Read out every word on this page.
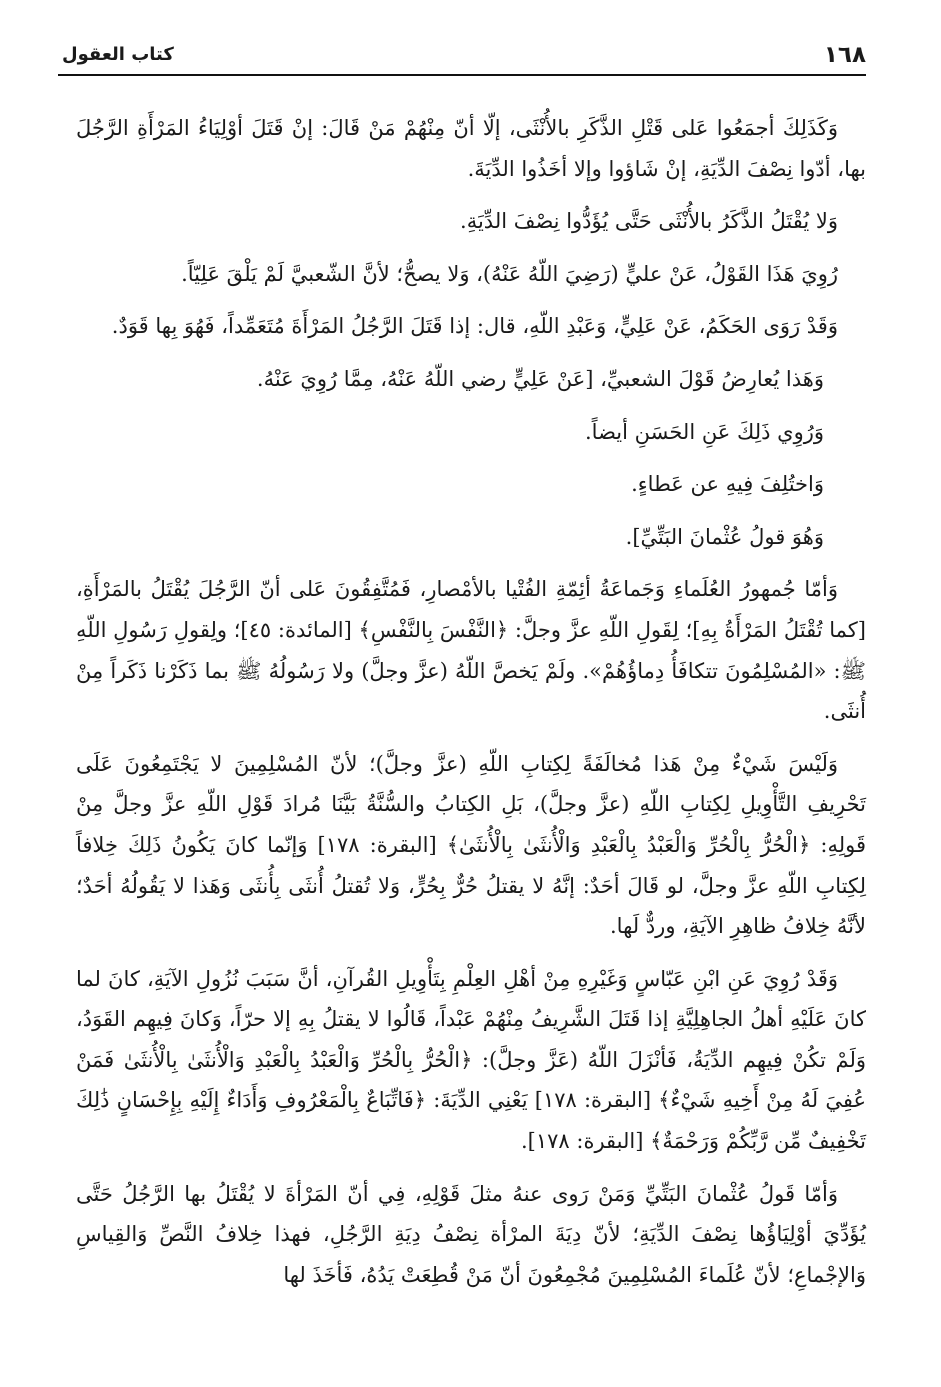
١٦٨
كتاب العقول

وَكَذَلِكَ أجمَعُوا عَلى قَتْلِ الذَّكَرِ بالأُنْثَى، إلّا أنّ مِنْهُمْ مَنْ قَالَ: إنْ قَتَلَ أوْلِيَاءُ المَرْأَةِ الرَّجُلَ بها، أدّوا نِصْفَ الدِّيَةِ، إنْ شَاؤوا وإلا أخَذُوا الدِّيَةَ.

وَلا يُقْتَلُ الذَّكَرُ بالأُنْثَى حَتَّى يُؤَدُّوا نِصْفَ الدِّيَةِ.

رُوِيَ هَذَا القَوْلُ، عَنْ عليٍّ (رَضِيَ اللّهُ عَنْهُ)، وَلا يصحُّ؛ لأنَّ الشّعبيَّ لَمْ يَلْقَ عَلِيّاً.

وَقَدْ رَوَى الحَكَمُ، عَنْ عَلِيٍّ، وَعَبْدِ اللّهِ، قال: إذا قَتَلَ الرَّجُلُ المَرْأَةَ مُتَعَمِّداً، فَهُوَ بِها قَوَدٌ.

وَهَذا يُعارِضُ قَوْلَ الشعبيِّ، [عَنْ عَلِيٍّ رضي اللّهُ عَنْهُ، مِمَّا رُوِيَ عَنْهُ.

وَرُوِي ذَلِكَ عَنِ الحَسَنِ أيضاً.

وَاختُلِفَ فِيهِ عن عَطاءٍ.

وَهُوَ قولُ عُثْمانَ البَتِّيِّ].

وَأمّا جُمهورُ العُلَماءِ وَجَماعَةُ أئِمّةِ الفُتْيا بالأمْصارِ، فَمُتَّفِقُونَ عَلى أنّ الرَّجُلَ يُقْتَلُ بالمَرْأَةِ، [كما تُقْتَلُ المَرْأَةُ بِهِ]؛ لِقَولِ اللّهِ عزَّ وجلَّ: ﴿النَّفْسَ بِالنَّفْسِ﴾ [المائدة: ٤٥]؛ ولِقولِ رَسُولِ اللّهِ ﷺ: «المُسْلِمُونَ تتكافَأُ دِماؤُهُمْ». ولَمْ يَخصَّ اللّهُ (عزَّ وجلَّ) ولا رَسُولُهُ ﷺ بما ذَكَرْنا ذَكَراً مِنْ أُنثَى.

وَلَيْسَ شَيْءٌ مِنْ هَذا مُخالَفَةً لِكِتابِ اللّهِ (عزَّ وجلَّ)؛ لأنّ المُسْلِمِينَ لا يَجْتَمِعُونَ عَلَى تَحْرِيفِ التَّأْوِيلِ لِكِتابِ اللّهِ (عزَّ وجلَّ)، بَلِ الكِتابُ والسُّنَّةُ بَيَّنَا مُرادَ قَوْلِ اللّهِ عزَّ وجلَّ مِنْ قَولِهِ: ﴿الْحُرُّ بِالْحُرِّ وَالْعَبْدُ بِالْعَبْدِ وَالْأُنثَىٰ بِالْأُنثَىٰ﴾ [البقرة: ١٧٨] وَإنّما كانَ يَكُونُ ذَلِكَ خِلافاً لِكِتابِ اللّهِ عزَّ وجلَّ، لو قَالَ أحَدٌ: إنَّهُ لا يقتلُ حُرٌّ بِحُرٍّ، وَلا تُقتلُ أُنثَى بِأُنثَى وَهَذا لا يَقُولُهُ أحَدٌ؛ لأنَّهُ خِلافُ ظاهِرِ الآيَةِ، وردٌّ لَها.

وَقَدْ رُوِيَ عَنِ ابْنِ عَبّاسٍ وَغَيْرِهِ مِنْ أهْلِ العِلْمِ بِتَأْوِيلِ القُرآنِ، أنَّ سَبَبَ نُزُولِ الآيَةِ، كانَ لما كانَ عَلَيْهِ أهلُ الجاهِلِيَّةِ إذا قَتَلَ الشَّرِيفُ مِنْهُمْ عَبْداً، قَالُوا لا يقتلُ بِهِ إلا حرّاً، وَكانَ فِيهِم القَوَدُ، وَلَمْ تكُنْ فِيهِم الدِّيَةُ، فَأنْزَلَ اللّهُ (عَزَّ وجلَّ): ﴿الْحُرُّ بِالْحُرِّ وَالْعَبْدُ بِالْعَبْدِ وَالْأُنثَىٰ بِالْأُنثَىٰ فَمَنْ عُفِيَ لَهُ مِنْ أَخِيهِ شَيْءٌ﴾ [البقرة: ١٧٨] يَعْنِي الدِّيَةَ: ﴿فَاتِّبَاعٌ بِالْمَعْرُوفِ وَأَدَاءٌ إِلَيْهِ بِإِحْسَانٍ ذَٰلِكَ تَخْفِيفٌ مِّن رَّبِّكُمْ وَرَحْمَةٌ﴾ [البقرة: ١٧٨].

وَأمّا قَولُ عُثْمانَ البَتِّيِّ وَمَنْ رَوى عنهُ مثلَ قَوْلِهِ، فِي أنّ المَرْأةَ لا يُقْتَلُ بها الرَّجُلُ حَتَّى يُؤَدِّيَ أوْلِيَاؤُها نِصْفَ الدِّيَةِ؛ لأنّ دِيَةَ المرْأة نِصْفُ دِيَةِ الرَّجُلِ، فهذا خِلافُ النَّصِّ وَالقِياسِ وَالإجْماعِ؛ لأنّ عُلَماءَ المُسْلِمِينَ مُجْمِعُونَ أنّ مَنْ قُطِعَتْ يَدُهُ، فَأخَذَ لها
